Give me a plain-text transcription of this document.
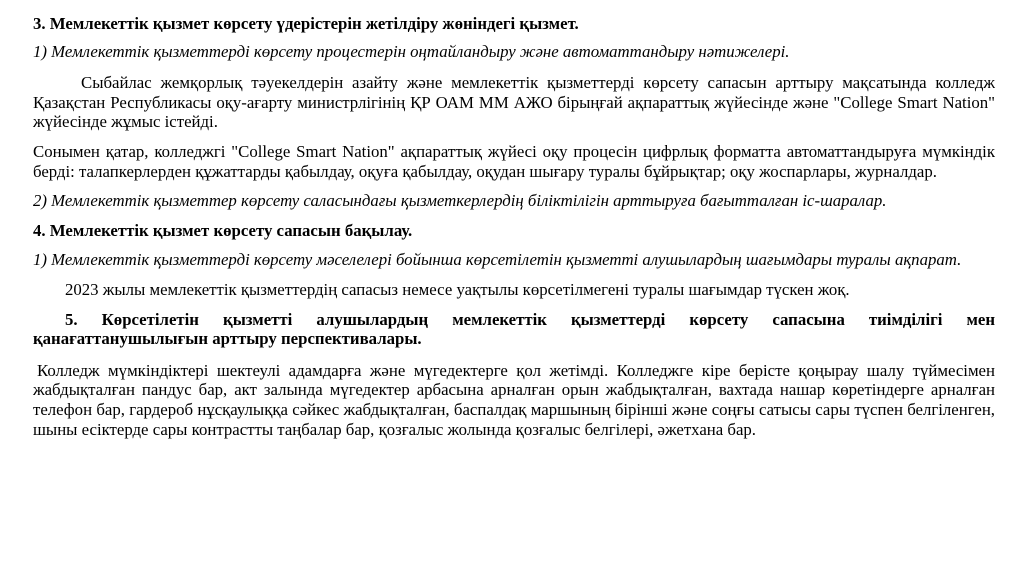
3. Мемлекеттік қызмет көрсету үдерістерін жетілдіру жөніндегі қызмет.

1) Мемлекеттік қызметтерді көрсету процестерін оңтайландыру және автоматтандыру нәтижелері.

Сыбайлас жемқорлық тәуекелдерін азайту және мемлекеттік қызметтерді көрсету сапасын арттыру мақсатында колледж Қазақстан Республикасы оқу-ағарту министрлігінің ҚР ОАМ ММ АЖО бірыңғай ақпараттық жүйесінде және "College Smart Nation" жүйесінде жұмыс істейді.

Сонымен қатар, колледжгі "College Smart Nation" ақпараттық жүйесі оқу процесін цифрлық форматта автоматтандыруға мүмкіндік берді: талапкерлерден құжаттарды қабылдау, оқуға қабылдау, оқудан шығару туралы бұйрықтар; оқу жоспарлары, журналдар.

2) Мемлекеттік қызметтер көрсету саласындағы қызметкерлердің біліктілігін арттыруға бағытталған іс-шаралар.

4. Мемлекеттік қызмет көрсету сапасын бақылау.

1) Мемлекеттік қызметтерді көрсету мәселелері бойынша көрсетілетін қызметті алушылардың шағымдары туралы ақпарат.

2023 жылы мемлекеттік қызметтердің сапасыз немесе уақтылы көрсетілмегені туралы шағымдар түскен жоқ.

5. Көрсетілетін қызметті алушылардың мемлекеттік қызметтерді көрсету сапасына тиімділігі мен қанағаттанушылығын арттыру перспективалары.

Колледж мүмкіндіктері шектеулі адамдарға және мүгедектерге қол жетімді. Колледжге кіре берісте қоңырау шалу түймесімен жабдықталған пандус бар, акт залында мүгедектер арбасына арналған орын жабдықталған, вахтада нашар көретіндерге арналған телефон бар, гардероб нұсқаулыққа сәйкес жабдықталған, баспалдақ маршының бірінші және соңғы сатысы сары түспен белгіленген, шыны есіктерде сары контрастты таңбалар бар, қозғалыс жолында қозғалыс белгілері, әжетхана бар.
